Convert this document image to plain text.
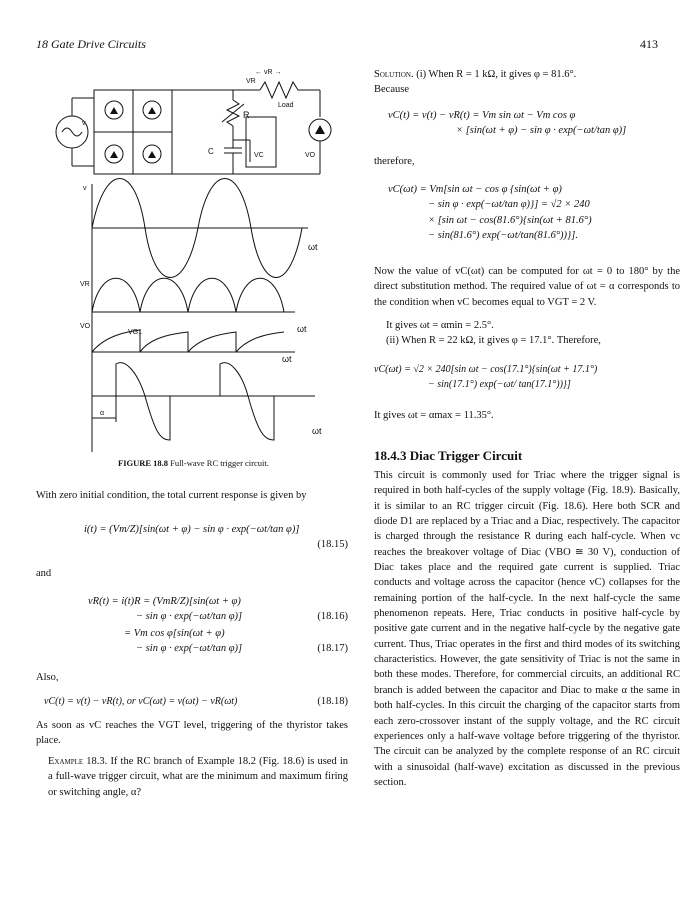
18 Gate Drive Circuits	413
← vR →
VR
Load
R
v
C	VC	VO
v
ωt
VR
VO
VG1	ωt
ωt
α
ωt
FIGURE 18.8 Full-wave RC trigger circuit.

With zero initial condition, the total current response is given by

i(t) = (Vm/Z)[sin(ωt + φ) − sin φ · exp(−ωt/tan φ)]
(18.15)
and
vR(t) = i(t)R = (VmR/Z)[sin(ωt + φ)
− sin φ · exp(−ωt/tan φ)]	(18.16)
= Vm cos φ[sin(ωt + φ)
− sin φ · exp(−ωt/tan φ)]	(18.17)
Also,
vC(t) = v(t) − vR(t), or vC(ωt) = v(ωt) − vR(ωt)	(18.18)
As soon as vC reaches the VGT level, triggering of the thyristor takes place.
Example 18.3. If the RC branch of Example 18.2 (Fig. 18.6) is used in a full-wave trigger circuit, what are the minimum and maximum firing or switching angle, α?
Solution. (i) When R = 1 kΩ, it gives φ = 81.6°.
Because
vC(t) = v(t) − vR(t) = Vm sin ωt − Vm cos φ
× [sin(ωt + φ) − sin φ · exp(−ωt/tan φ)]
therefore,
vC(ωt) = Vm[sin ωt − cos φ {sin(ωt + φ)
− sin φ · exp(−ωt/tan φ)}] = √2 × 240
× [sin ωt − cos(81.6°){sin(ωt + 81.6°)
− sin(81.6°) exp(−ωt/tan(81.6°))}].
Now the value of vC(ωt) can be computed for ωt = 0 to 180° by the direct substitution method. The required value of ωt = α corresponds to the condition when vC becomes equal to VGT = 2 V.
It gives ωt = αmin = 2.5°.
(ii) When R = 22 kΩ, it gives φ = 17.1°. Therefore,
vC(ωt) = √2 × 240[sin ωt − cos(17.1°){sin(ωt + 17.1°)
− sin(17.1°) exp(−ωt/ tan(17.1°))}]
It gives ωt = αmax = 11.35°.
18.4.3 Diac Trigger Circuit
This circuit is commonly used for Triac where the trigger signal is required in both half-cycles of the supply voltage (Fig. 18.9). Basically, it is similar to an RC trigger circuit (Fig. 18.6). Here both SCR and diode D1 are replaced by a Triac and a Diac, respectively. The capacitor is charged through the resistance R during each half-cycle. When vc reaches the breakover voltage of Diac (VBO ≅ 30 V), conduction of Diac takes place and the required gate current is supplied. Triac conducts and voltage across the capacitor (hence vC) collapses for the remaining portion of the half-cycle. In the next half-cycle the same phenomenon repeats. Here, Triac conducts in positive half-cycle by positive gate current and in the negative half-cycle by the negative gate current. Thus, Triac operates in the first and third modes of its switching characteristics. However, the gate sensitivity of Triac is not the same in both these modes. Therefore, for commercial circuits, an additional RC branch is added between the capacitor and Diac to make α the same in both half-cycles. In this circuit the charging of the capacitor starts from each zero-crossover instant of the supply voltage, and the RC circuit experiences only a half-wave voltage before triggering of the thyristor. The circuit can be analyzed by the complete response of an RC circuit with a sinusoidal (half-wave) excitation as discussed in the previous section.
